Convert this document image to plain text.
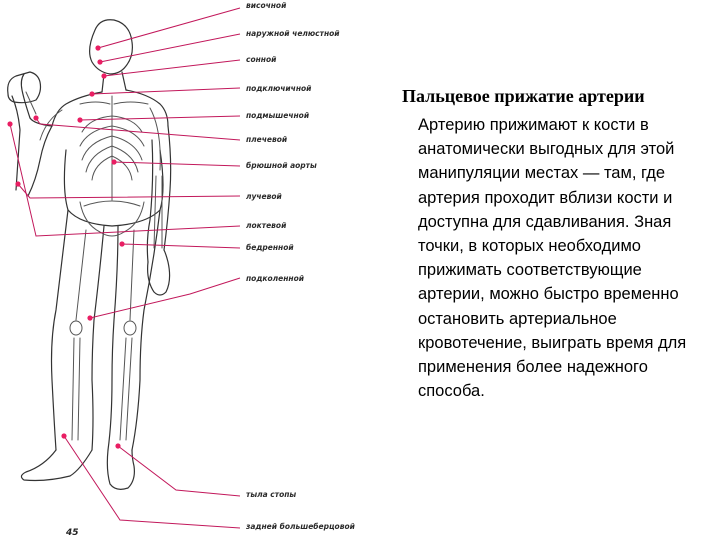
височной
наружной челюстной
сонной
подключичной
подмышечной
плечевой
брюшной аорты
лучевой
локтевой
бедренной
подколенной
тыла стопы
задней большеберцовой
45
Пальцевое прижатие артерии
Артерию прижимают к кости в анатомически выгодных для этой манипуляции местах — там, где артерия проходит вблизи кости и доступна для сдавливания. Зная точки, в которых необходимо прижимать соответствующие артерии, можно быстро временно остановить артериальное кровотечение, выиграть время для применения более надежного способа.
